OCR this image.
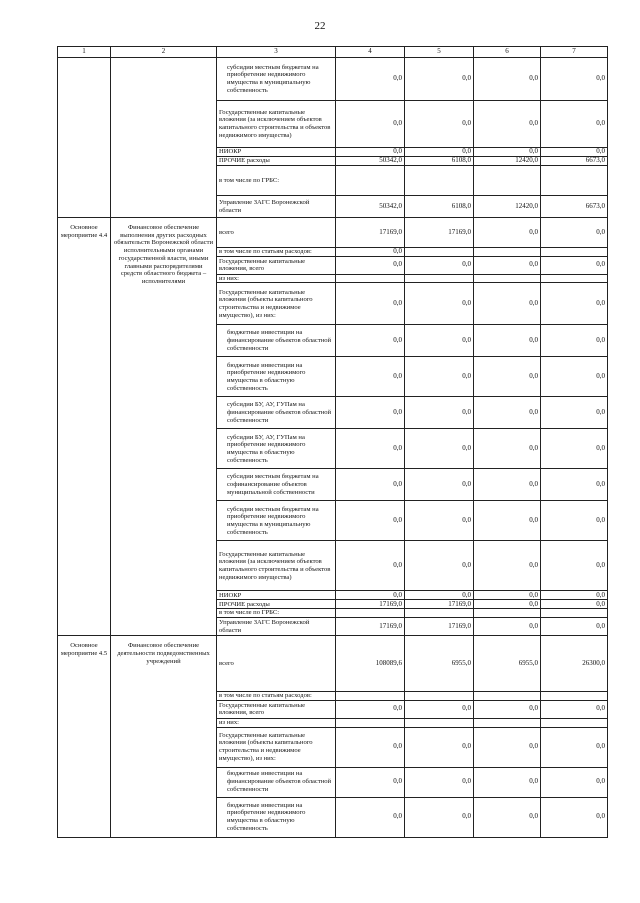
22
1	2	3	4	5	6	7
		субсидии местным бюджетам на приобретение недвижимого имущества в муниципальную собственность	0,0	0,0	0,0	0,0
		Государственные капитальные вложения (за исключением объектов капитального строительства и объектов недвижимого имущества)	0,0	0,0	0,0	0,0
		НИОКР	0,0	0,0	0,0	0,0
		ПРОЧИЕ расходы	50342,0	6108,0	12420,0	6673,0
		в том числе по ГРБС:				
		Управление ЗАГС Воронежской области	50342,0	6108,0	12420,0	6673,0
Основное мероприятие 4.4	Финансовое обеспечение выполнения других расходных обязательств Воронежской области исполнительными органами государственной власти, иными главными распорядителями средств областного бюджета – исполнителями	всего	17169,0	17169,0	0,0	0,0
		в том числе по статьям расходов:	0,0			
		Государственные капитальные вложения, всего	0,0	0,0	0,0	0,0
		из них:				
		Государственные капитальные вложения (объекты капитального строительства и недвижимое имущество), из них:	0,0	0,0	0,0	0,0
		бюджетные инвестиции на финансирование объектов областной собственности	0,0	0,0	0,0	0,0
		бюджетные инвестиции на приобретение недвижимого имущества в областную собственность	0,0	0,0	0,0	0,0
		субсидии БУ, АУ, ГУПам на финансирование объектов областной собственности	0,0	0,0	0,0	0,0
		субсидии БУ, АУ, ГУПам на приобретение недвижимого имущества в областную собственность	0,0	0,0	0,0	0,0
		субсидии местным бюджетам на софинансирование объектов муниципальной собственности	0,0	0,0	0,0	0,0
		субсидии местным бюджетам на приобретение недвижимого имущества в муниципальную собственность	0,0	0,0	0,0	0,0
		Государственные капитальные вложения (за исключением объектов капитального строительства и объектов недвижимого имущества)	0,0	0,0	0,0	0,0
		НИОКР	0,0	0,0	0,0	0,0
		ПРОЧИЕ расходы	17169,0	17169,0	0,0	0,0
		в том числе по ГРБС:				
		Управление ЗАГС Воронежской области	17169,0	17169,0	0,0	0,0
Основное мероприятие 4.5	Финансовое обеспечение деятельности подведомственных учреждений	всего	108089,6	6955,0	6955,0	26300,0
		в том числе по статьям расходов:				
		Государственные капитальные вложения, всего	0,0	0,0	0,0	0,0
		из них:				
		Государственные капитальные вложения (объекты капитального строительства и недвижимое имущество), из них:	0,0	0,0	0,0	0,0
		бюджетные инвестиции на финансирование объектов областной собственности	0,0	0,0	0,0	0,0
		бюджетные инвестиции на приобретение недвижимого имущества в областную собственность	0,0	0,0	0,0	0,0
